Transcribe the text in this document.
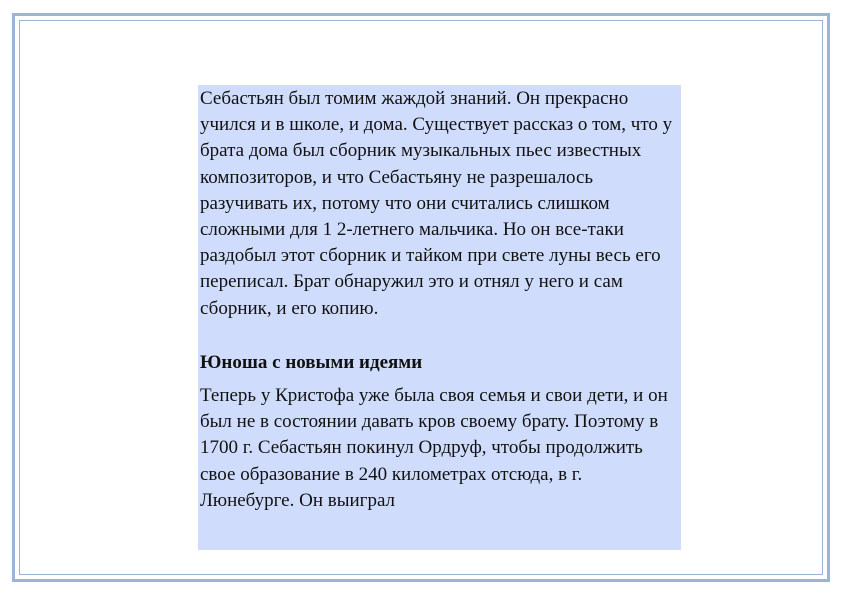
Себастьян был томим жаждой знаний. Он прекрасно учился и в школе, и дома. Существует рассказ о том, что у брата дома был сборник музыкальных пьес известных композиторов, и что Себастьяну не разрешалось разучивать их, потому что они считались слишком сложными для 1 2-летнего мальчика. Но он все-таки раздобыл этот сборник и тайком при свете луны весь его переписал. Брат обнаружил это и отнял у него и сам сборник, и его копию.

Юноша с новыми идеями

Теперь у Кристофа уже была своя семья и свои дети, и он был не в состоянии давать кров своему брату. Поэтому в 1700 г. Себастьян покинул Ордруф, чтобы продолжить свое образование в 240 километрах отсюда, в г. Люнебурге. Он выиграл
